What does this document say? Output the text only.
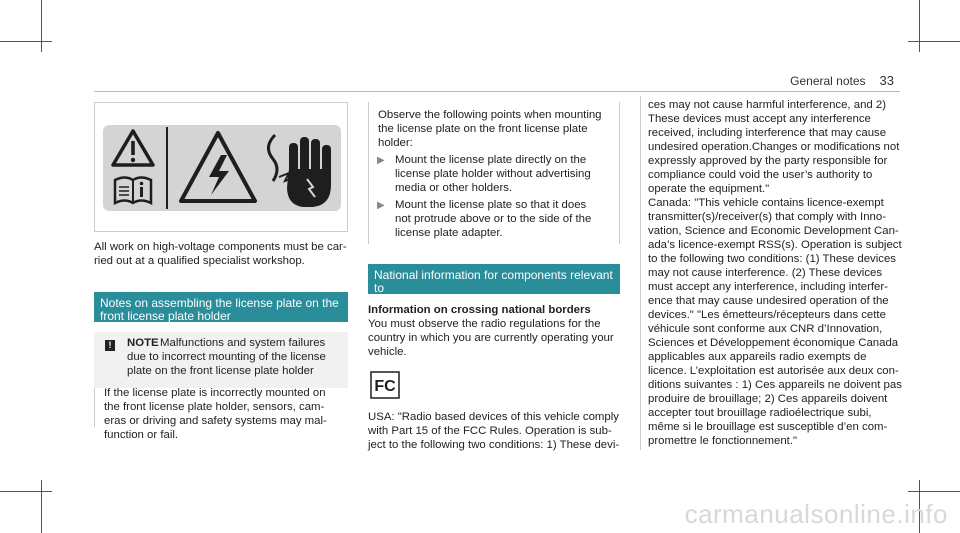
General notes 33

All work on high-voltage components must be car-

ried out at a qualified specialist workshop.

Notes on assembling the license plate on the
front license plate holder
!	NOTE Malfunctions and system failures

due to incorrect mounting of the license

plate on the front license plate holder

If the license plate is incorrectly mounted on

the front license plate holder, sensors, cam-

eras or driving and safety systems may mal-

function or fail.

Observe the following points when mounting

the license plate on the front license plate

holder:

▶ Mount the license plate directly on the

license plate holder without advertising

media or other holders.

▶ Mount the license plate so that it does

not protrude above or to the side of the

license plate adapter.

National information for components relevant to
radio regulation

Information on crossing national borders

You must observe the radio regulations for the

country in which you are currently operating your

vehicle.

FC

USA: "Radio based devices of this vehicle comply

with Part 15 of the FCC Rules. Operation is sub-

ject to the following two conditions: 1) These devi-

ces may not cause harmful interference, and 2)

These devices must accept any interference

received, including interference that may cause

undesired operation.Changes or modifications not

expressly approved by the party responsible for

compliance could void the user’s authority to

operate the equipment."

Canada: "This vehicle contains licence-exempt

transmitter(s)/receiver(s) that comply with Inno-

vation, Science and Economic Development Can-

ada’s licence-exempt RSS(s). Operation is subject

to the following two conditions: (1) These devices

may not cause interference. (2) These devices

must accept any interference, including interfer-

ence that may cause undesired operation of the

devices." "Les émetteurs/récepteurs dans cette

véhicule sont conforme aux CNR d’Innovation,

Sciences et Développement économique Canada

applicables aux appareils radio exempts de

licence. L’exploitation est autorisée aux deux con-

ditions suivantes : 1) Ces appareils ne doivent pas

produire de brouillage; 2) Ces appareils doivent

accepter tout brouillage radioélectrique subi,

même si le brouillage est susceptible d’en com-

promettre le fonctionnement."

carmanualsonline.info
